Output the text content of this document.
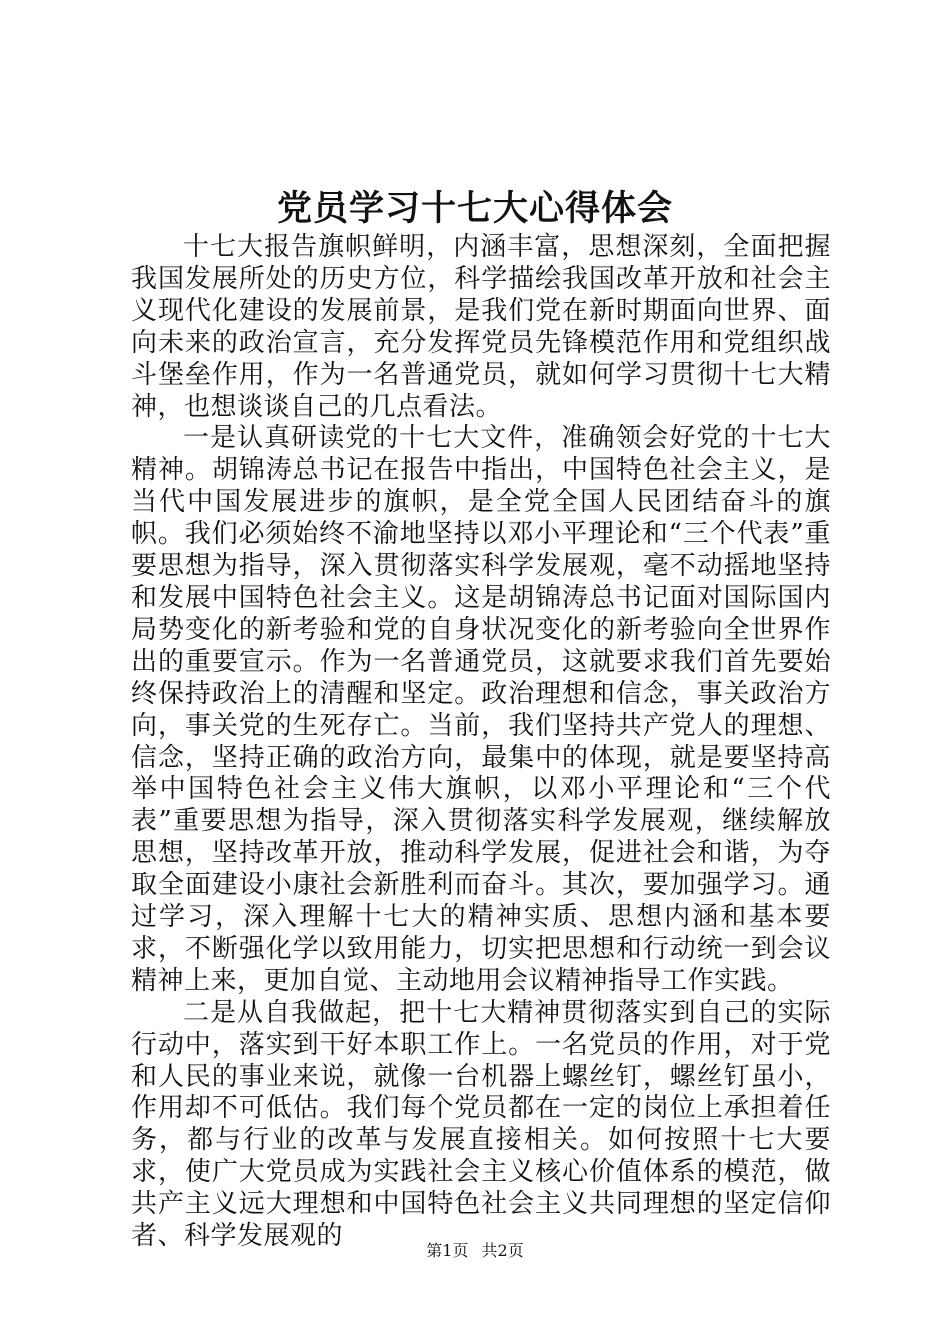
党员学习十七大心得体会

十七大报告旗帜鲜明，内涵丰富，思想深刻，全面把握我国发展所处的历史方位，科学描绘我国改革开放和社会主义现代化建设的发展前景，是我们党在新时期面向世界、面向未来的政治宣言，充分发挥党员先锋模范作用和党组织战斗堡垒作用，作为一名普通党员，就如何学习贯彻十七大精神，也想谈谈自己的几点看法。

一是认真研读党的十七大文件，准确领会好党的十七大精神。胡锦涛总书记在报告中指出，中国特色社会主义，是当代中国发展进步的旗帜，是全党全国人民团结奋斗的旗帜。我们必须始终不渝地坚持以邓小平理论和“三个代表”重要思想为指导，深入贯彻落实科学发展观，毫不动摇地坚持和发展中国特色社会主义。这是胡锦涛总书记面对国际国内局势变化的新考验和党的自身状况变化的新考验向全世界作出的重要宣示。作为一名普通党员，这就要求我们首先要始终保持政治上的清醒和坚定。政治理想和信念，事关政治方向，事关党的生死存亡。当前，我们坚持共产党人的理想、信念，坚持正确的政治方向，最集中的体现，就是要坚持高举中国特色社会主义伟大旗帜，以邓小平理论和“三个代表”重要思想为指导，深入贯彻落实科学发展观，继续解放思想，坚持改革开放，推动科学发展，促进社会和谐，为夺取全面建设小康社会新胜利而奋斗。其次，要加强学习。通过学习，深入理解十七大的精神实质、思想内涵和基本要求，不断强化学以致用能力，切实把思想和行动统一到会议精神上来，更加自觉、主动地用会议精神指导工作实践。

二是从自我做起，把十七大精神贯彻落实到自己的实际行动中，落实到干好本职工作上。一名党员的作用，对于党和人民的事业来说，就像一台机器上螺丝钉，螺丝钉虽小，作用却不可低估。我们每个党员都在一定的岗位上承担着任务，都与行业的改革与发展直接相关。如何按照十七大要求，使广大党员成为实践社会主义核心价值体系的模范，做共产主义远大理想和中国特色社会主义共同理想的坚定信仰者、科学发展观的	第1页 共2页
